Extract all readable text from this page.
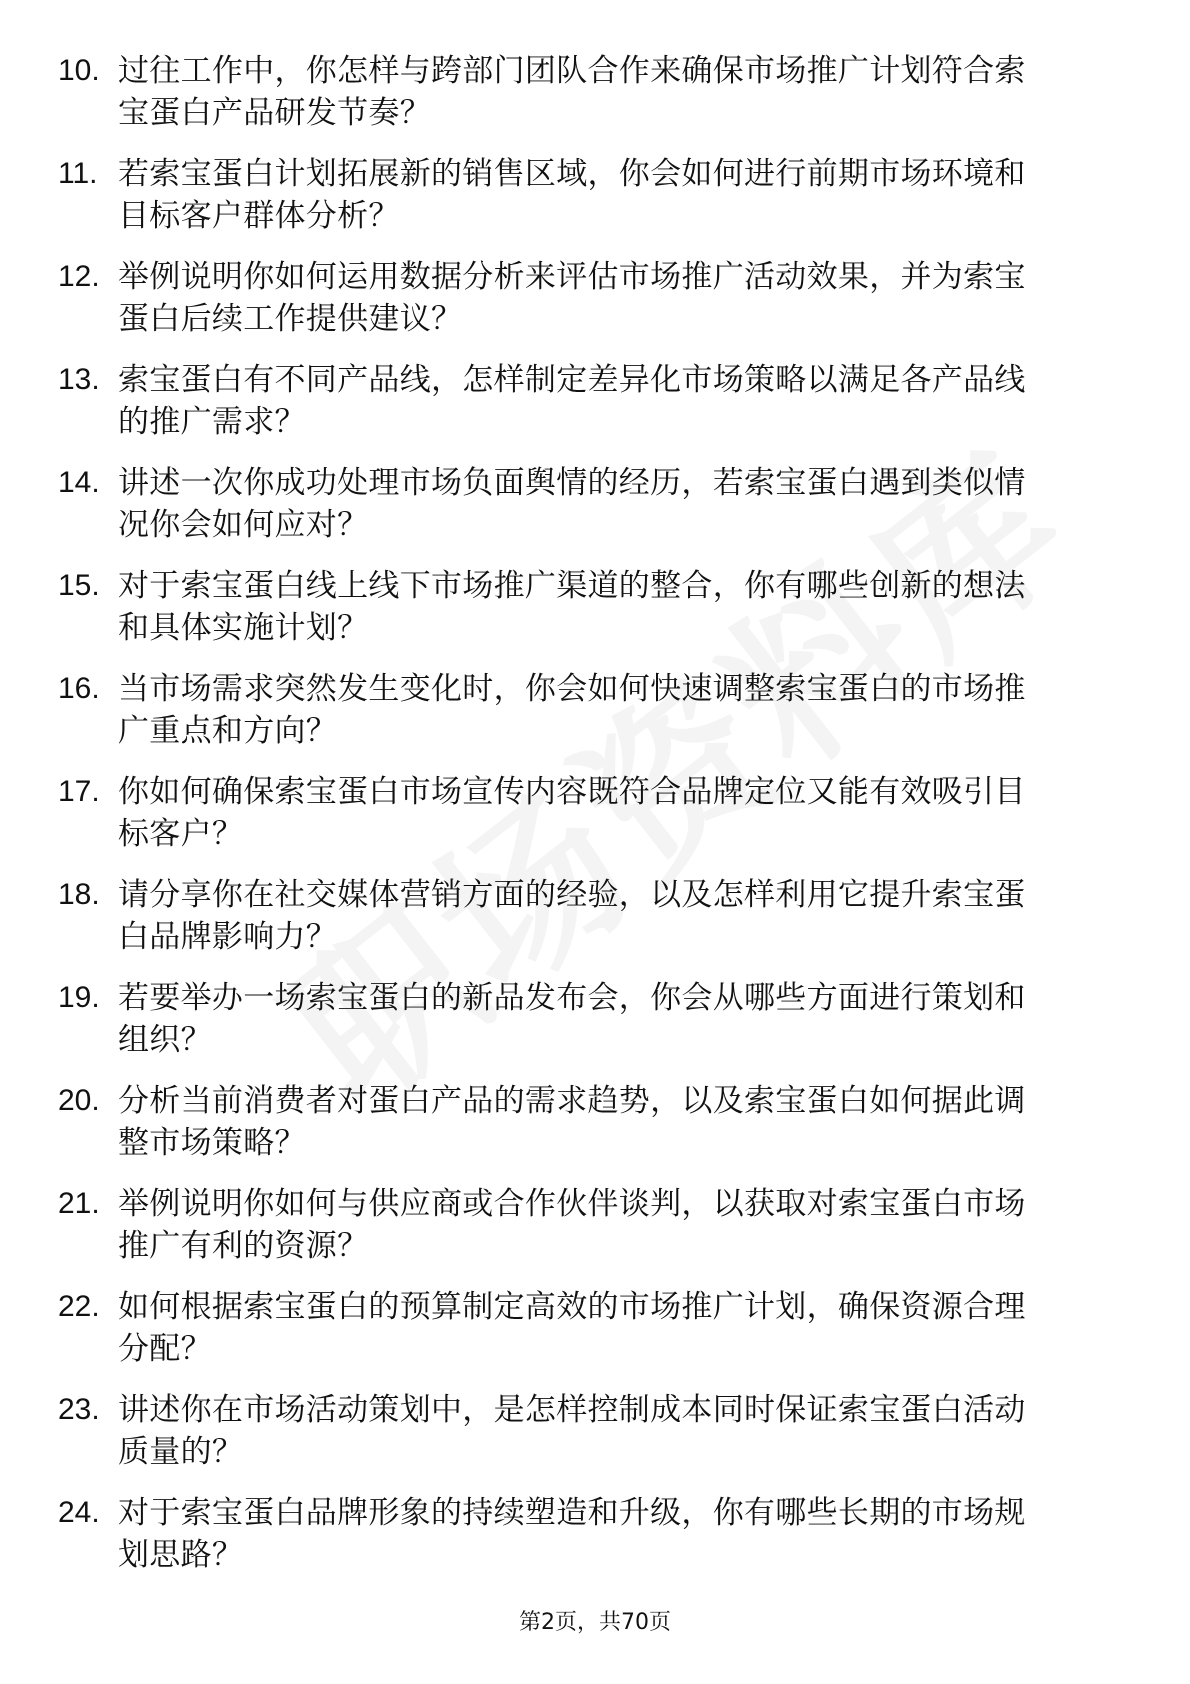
10. 过往工作中，你怎样与跨部门团队合作来确保市场推广计划符合索宝蛋白产品研发节奏？
11. 若索宝蛋白计划拓展新的销售区域，你会如何进行前期市场环境和目标客户群体分析？
12. 举例说明你如何运用数据分析来评估市场推广活动效果，并为索宝蛋白后续工作提供建议？
13. 索宝蛋白有不同产品线，怎样制定差异化市场策略以满足各产品线的推广需求？
14. 讲述一次你成功处理市场负面舆情的经历，若索宝蛋白遇到类似情况你会如何应对？
15. 对于索宝蛋白线上线下市场推广渠道的整合，你有哪些创新的想法和具体实施计划？
16. 当市场需求突然发生变化时，你会如何快速调整索宝蛋白的市场推广重点和方向？
17. 你如何确保索宝蛋白市场宣传内容既符合品牌定位又能有效吸引目标客户？
18. 请分享你在社交媒体营销方面的经验，以及怎样利用它提升索宝蛋白品牌影响力？
19. 若要举办一场索宝蛋白的新品发布会，你会从哪些方面进行策划和组织？
20. 分析当前消费者对蛋白产品的需求趋势，以及索宝蛋白如何据此调整市场策略？
21. 举例说明你如何与供应商或合作伙伴谈判，以获取对索宝蛋白市场推广有利的资源？
22. 如何根据索宝蛋白的预算制定高效的市场推广计划，确保资源合理分配？
23. 讲述你在市场活动策划中，是怎样控制成本同时保证索宝蛋白活动质量的？
24. 对于索宝蛋白品牌形象的持续塑造和升级，你有哪些长期的市场规划思路？
第2页，共70页
